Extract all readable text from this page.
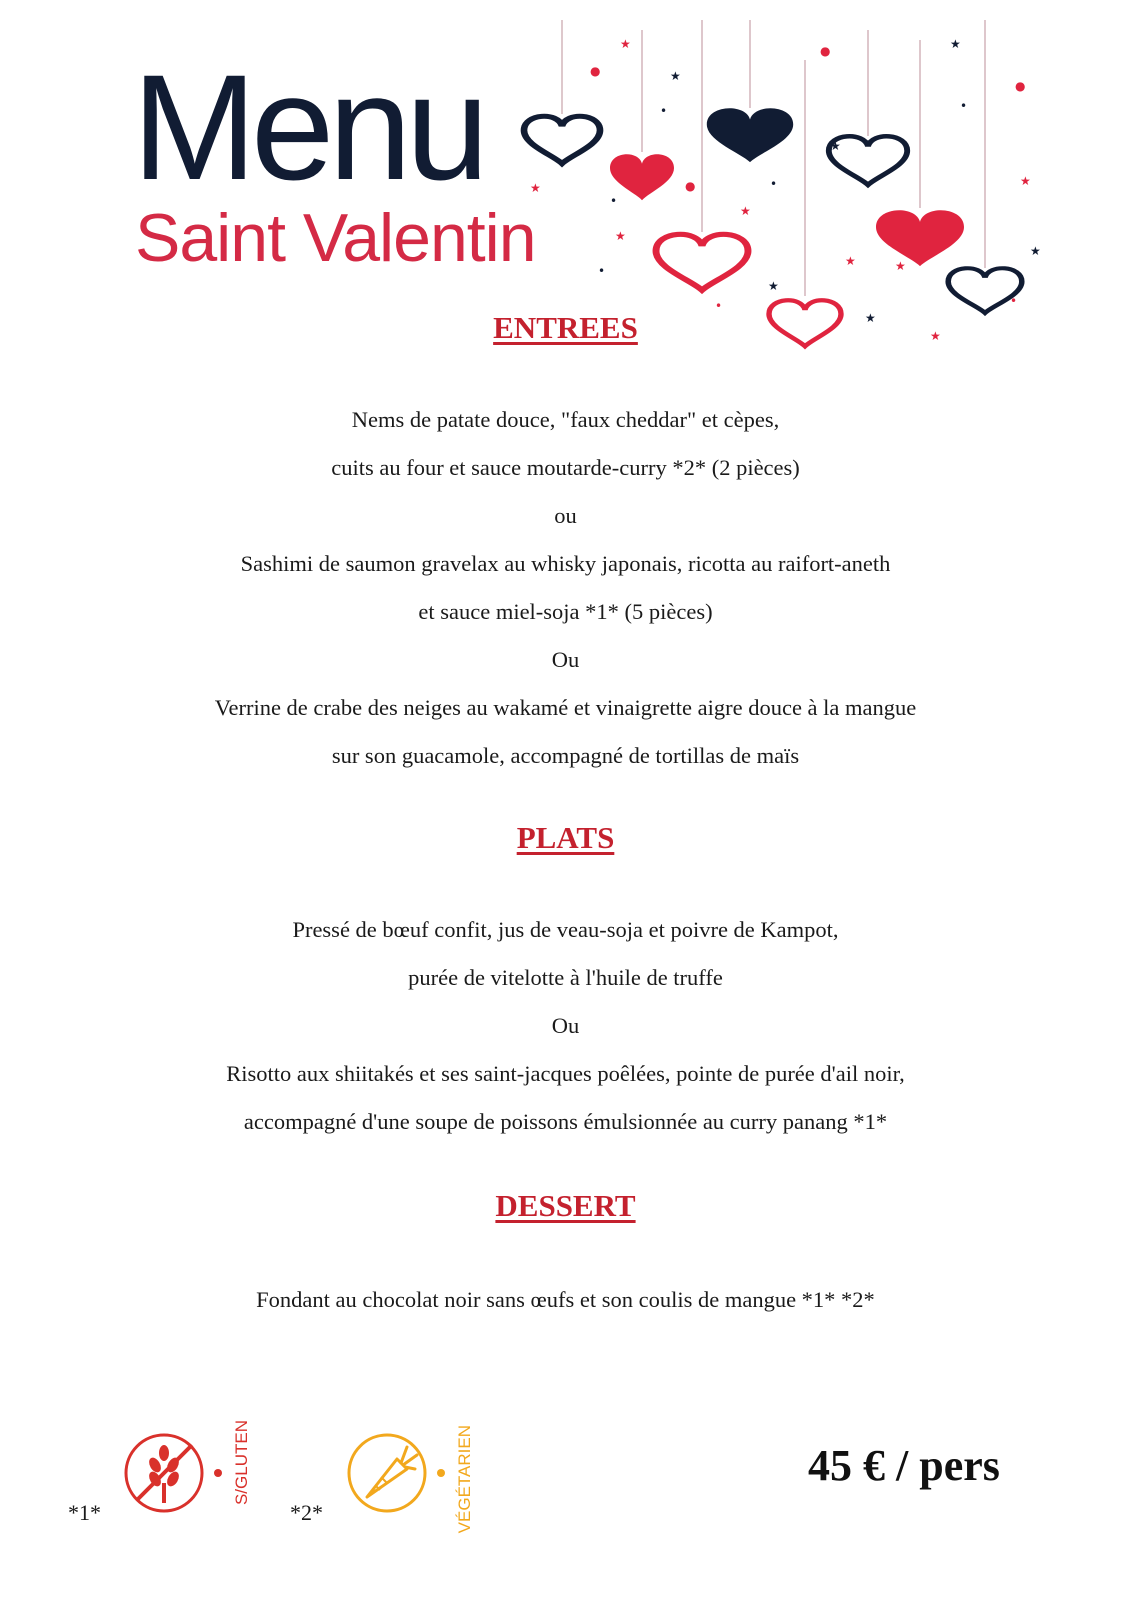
Menu
Saint Valentin
★
★
●
•
★
•
●
★
★
•
●
★
★
★
•
●
★
★
•
★
★
•
★
★
•
ENTREES
Nems de patate douce, "faux cheddar" et cèpes,
cuits au four et sauce moutarde-curry *2* (2 pièces)
ou
Sashimi de saumon gravelax au whisky japonais, ricotta au raifort-aneth
et sauce miel-soja *1* (5 pièces)
Ou
Verrine de crabe des neiges au wakamé et vinaigrette aigre douce à la mangue
sur son guacamole, accompagné de tortillas de maïs
PLATS
Pressé de bœuf confit, jus de veau-soja et poivre de Kampot,
purée de vitelotte à l'huile de truffe
Ou
Risotto aux shiitakés et ses saint-jacques poêlées, pointe de purée d'ail noir,
accompagné d'une soupe de poissons émulsionnée au curry panang *1*
DESSERT
Fondant au chocolat noir sans œufs et son coulis de mangue *1* *2*
*1*
S/GLUTEN
*2*	VÉGÉTARIEN	45 € / pers
